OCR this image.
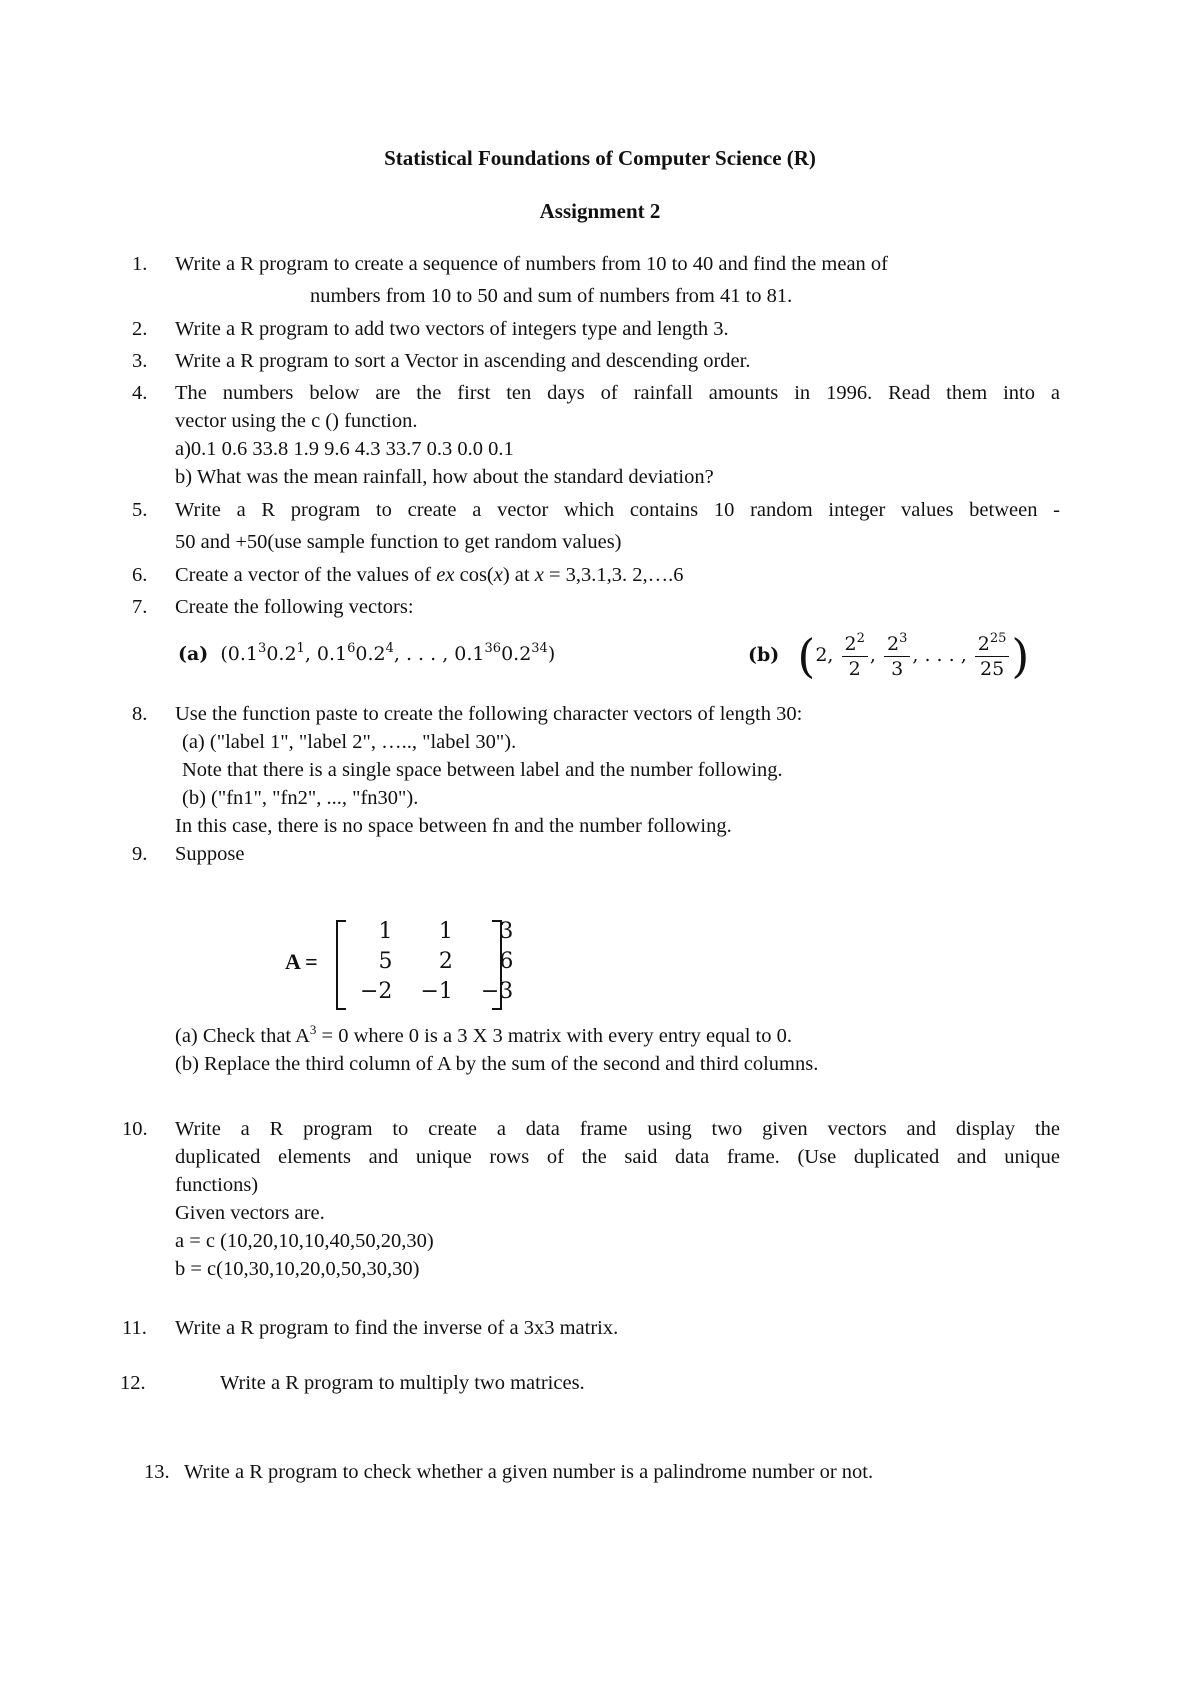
Statistical Foundations of Computer Science (R)
Assignment 2
1. Write a R program to create a sequence of numbers from 10 to 40 and find the mean of
numbers from 10 to 50 and sum of numbers from 41 to 81.
2. Write a R program to add two vectors of integers type and length 3.
3. Write a R program to sort a Vector in ascending and descending order.
4. The numbers below are the first ten days of rainfall amounts in 1996. Read them into a
vector using the c () function.
a)0.1 0.6 33.8 1.9 9.6 4.3 33.7 0.3 0.0 0.1
b) What was the mean rainfall, how about the standard deviation?
5. Write a R program to create a vector which contains 10 random integer values between -
50 and +50(use sample function to get random values)
6. Create a vector of the values of ex cos(x) at x = 3,3.1,3. 2,….6
7. Create the following vectors:
(a) ($0.1^30.2^1$, $0.1^60.2^4$, . . . , $0.1^{36}0.2^{34}$)	(b) (2, $\frac{2^2}{2}$ , $\frac{2^3}{3}$ , . . . , $\frac{2^{25}}{25}$ )
8. Use the function paste to create the following character vectors of length 30:
(a) ("label 1", "label 2", ….., "label 30").
Note that there is a single space between label and the number following.
(b) ("fn1", "fn2", ..., "fn30").
In this case, there is no space between fn and the number following.
9. Suppose
A =
1	1	3
5	2	6
−2	−1	−3
(a) Check that $A^3 = 0$ where 0 is a 3 X 3 matrix with every entry equal to 0.
(b) Replace the third column of A by the sum of the second and third columns.
10. Write a R program to create a data frame using two given vectors and display the
duplicated elements and unique rows of the said data frame. (Use duplicated and unique
functions)
Given vectors are.
a = c (10,20,10,10,40,50,20,30)
b = c(10,30,10,20,0,50,30,30)
11. Write a R program to find the inverse of a 3x3 matrix.
12.	Write a R program to multiply two matrices.
13. Write a R program to check whether a given number is a palindrome number or not.
